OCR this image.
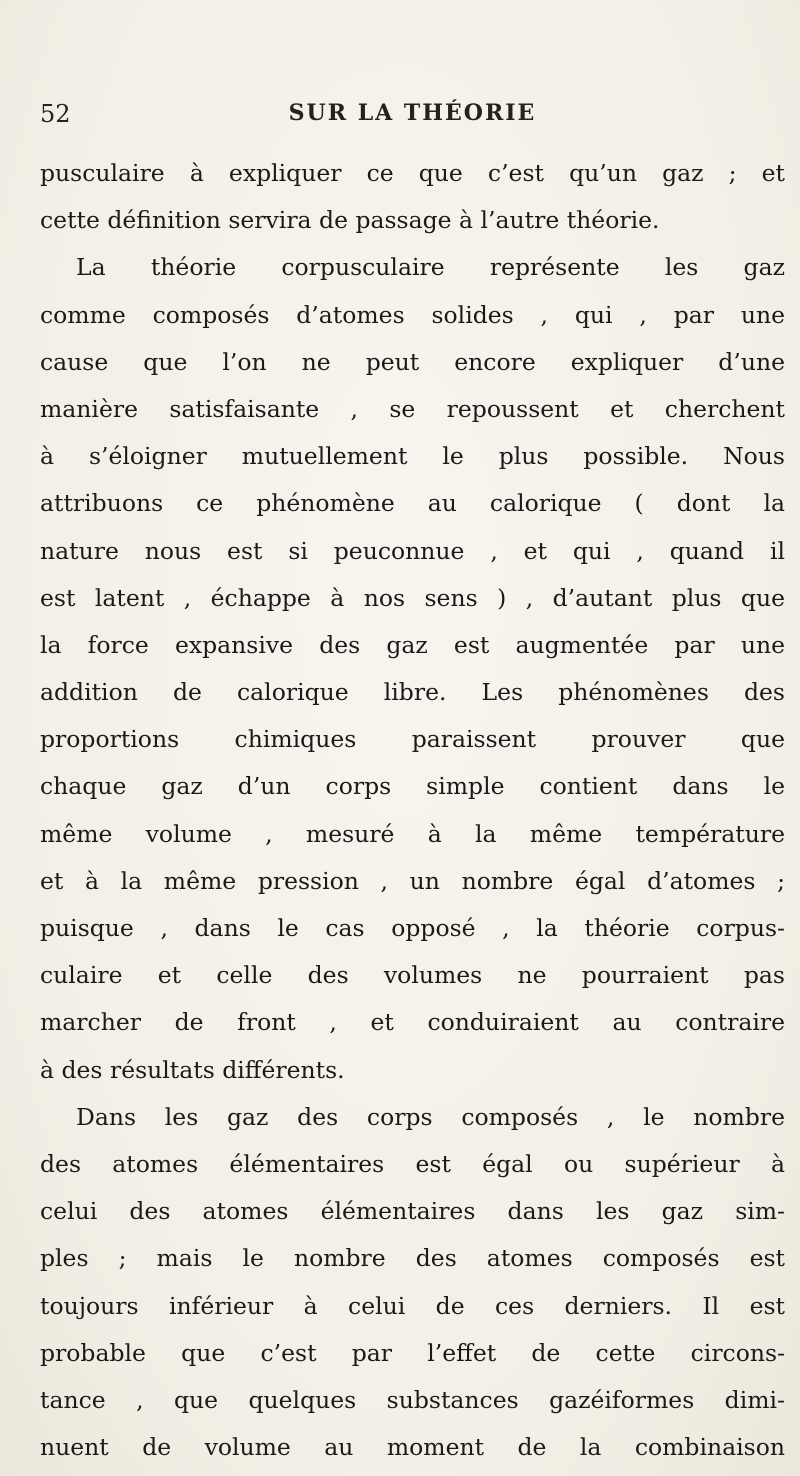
52	SUR LA THÉORIE
pusculaire à expliquer ce que c’est qu’un gaz ; et
cette définition servira de passage à l’autre théorie.
La théorie corpusculaire représente les gaz
comme composés d’atomes solides , qui , par une
cause que l’on ne peut encore expliquer d’une
manière satisfaisante , se repoussent et cherchent
à s’éloigner mutuellement le plus possible. Nous
attribuons ce phénomène au calorique ( dont la
nature nous est si peuconnue , et qui , quand il
est latent , échappe à nos sens ) , d’autant plus que
la force expansive des gaz est augmentée par une
addition de calorique libre. Les phénomènes des
proportions chimiques paraissent prouver que
chaque gaz d’un corps simple contient dans le
même volume , mesuré à la même température
et à la même pression , un nombre égal d’atomes ;
puisque , dans le cas opposé , la théorie corpus-
culaire et celle des volumes ne pourraient pas
marcher de front , et conduiraient au contraire
à des résultats différents.
Dans les gaz des corps composés , le nombre
des atomes élémentaires est égal ou supérieur à
celui des atomes élémentaires dans les gaz sim-
ples ; mais le nombre des atomes composés est
toujours inférieur à celui de ces derniers. Il est
probable que c’est par l’effet de cette circons-
tance , que quelques substances gazéiformes dimi-
nuent de volume au moment de la combinaison
